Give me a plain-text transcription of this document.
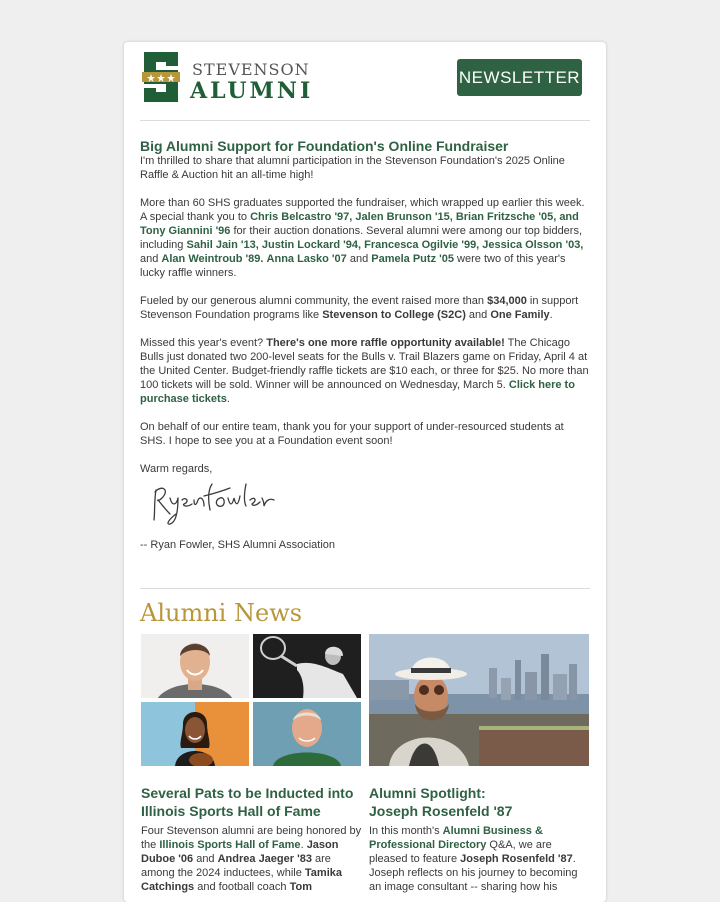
STEVENSON
ALUMNI
NEWSLETTER
Big Alumni Support for Foundation's Online Fundraiser

I'm thrilled to share that alumni participation in the Stevenson Foundation's 2025 Online Raffle & Auction hit an all-time high!

More than 60 SHS graduates supported the fundraiser, which wrapped up earlier this week. A special thank you to Chris Belcastro '97, Jalen Brunson '15, Brian Fritzsche '05, and Tony Giannini '96 for their auction donations. Several alumni were among our top bidders, including Sahil Jain '13, Justin Lockard '94, Francesca Ogilvie '99, Jessica Olsson '03, and Alan Weintroub '89. Anna Lasko '07 and Pamela Putz '05 were two of this year's lucky raffle winners.

Fueled by our generous alumni community, the event raised more than $34,000 in support Stevenson Foundation programs like Stevenson to College (S2C) and One Family.

Missed this year's event? There's one more raffle opportunity available! The Chicago Bulls just donated two 200-level seats for the Bulls v. Trail Blazers game on Friday, April 4 at the United Center. Budget-friendly raffle tickets are $10 each, or three for $25. No more than 100 tickets will be sold. Winner will be announced on Wednesday, March 5. Click here to purchase tickets.

On behalf of our entire team, thank you for your support of under-resourced students at SHS. I hope to see you at a Foundation event soon!

Warm regards,

-- Ryan Fowler, SHS Alumni Association

Alumni News
Several Pats to be Inducted into Illinois Sports Hall of Fame

Four Stevenson alumni are being honored by the Illinois Sports Hall of Fame. Jason Duboe '06 and Andrea Jaeger '83 are among the 2024 inductees, while Tamika Catchings and football coach Tom

Alumni Spotlight:
Joseph Rosenfeld '87

In this month's Alumni Business & Professional Directory Q&A, we are pleased to feature Joseph Rosenfeld '87. Joseph reflects on his journey to becoming an image consultant -- sharing how his
